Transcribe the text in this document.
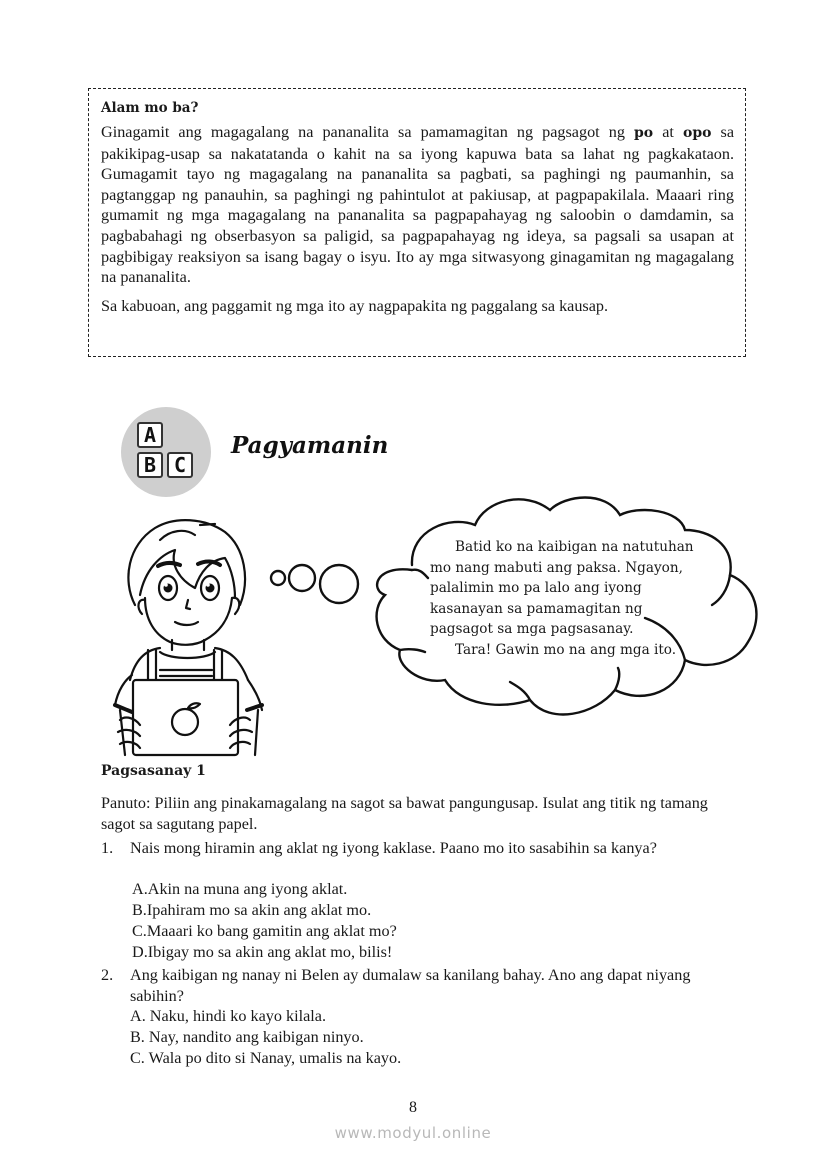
Alam mo ba?

Ginagamit ang magagalang na pananalita sa pamamagitan ng pagsagot ng po at opo sa pakikipag-usap sa nakatatanda o kahit na sa iyong kapuwa bata sa lahat ng pagkakataon. Gumagamit tayo ng magagalang na pananalita sa pagbati, sa paghingi ng paumanhin, sa pagtanggap ng panauhin, sa paghingi ng pahintulot at pakiusap, at pagpapakilala. Maaari ring gumamit ng mga magagalang na pananalita sa pagpapahayag ng saloobin o damdamin, sa pagbabahagi ng obserbasyon sa paligid, sa pagpapahayag ng ideya, sa pagsali sa usapan at pagbibigay reaksiyon sa isang bagay o isyu. Ito ay mga sitwasyong ginagamitan ng magagalang na pananalita.

Sa kabuoan, ang paggamit ng mga ito ay nagpapakita ng paggalang sa kausap.

A
B C
Pagyamanin
Batid ko na kaibigan na natutuhan mo nang mabuti ang paksa. Ngayon, palalimin mo pa lalo ang iyong kasanayan sa pamamagitan ng pagsagot sa mga pagsasanay.
Tara! Gawin mo na ang mga ito.
Pagsasanay 1
Panuto: Piliin ang pinakamagalang na sagot sa bawat pangungusap. Isulat ang titik ng tamang sagot sa sagutang papel.
1. Nais mong hiramin ang aklat ng iyong kaklase. Paano mo ito sasabihin sa kanya?
A.Akin na muna ang iyong aklat.
B.Ipahiram mo sa akin ang aklat mo.
C.Maaari ko bang gamitin ang aklat mo?
D.Ibigay mo sa akin ang aklat mo, bilis!
2. Ang kaibigan ng nanay ni Belen ay dumalaw sa kanilang bahay. Ano ang dapat niyang sabihin?
A. Naku, hindi ko kayo kilala.
B. Nay, nandito ang kaibigan ninyo.
C. Wala po dito si Nanay, umalis na kayo.
8
www.modyul.online
